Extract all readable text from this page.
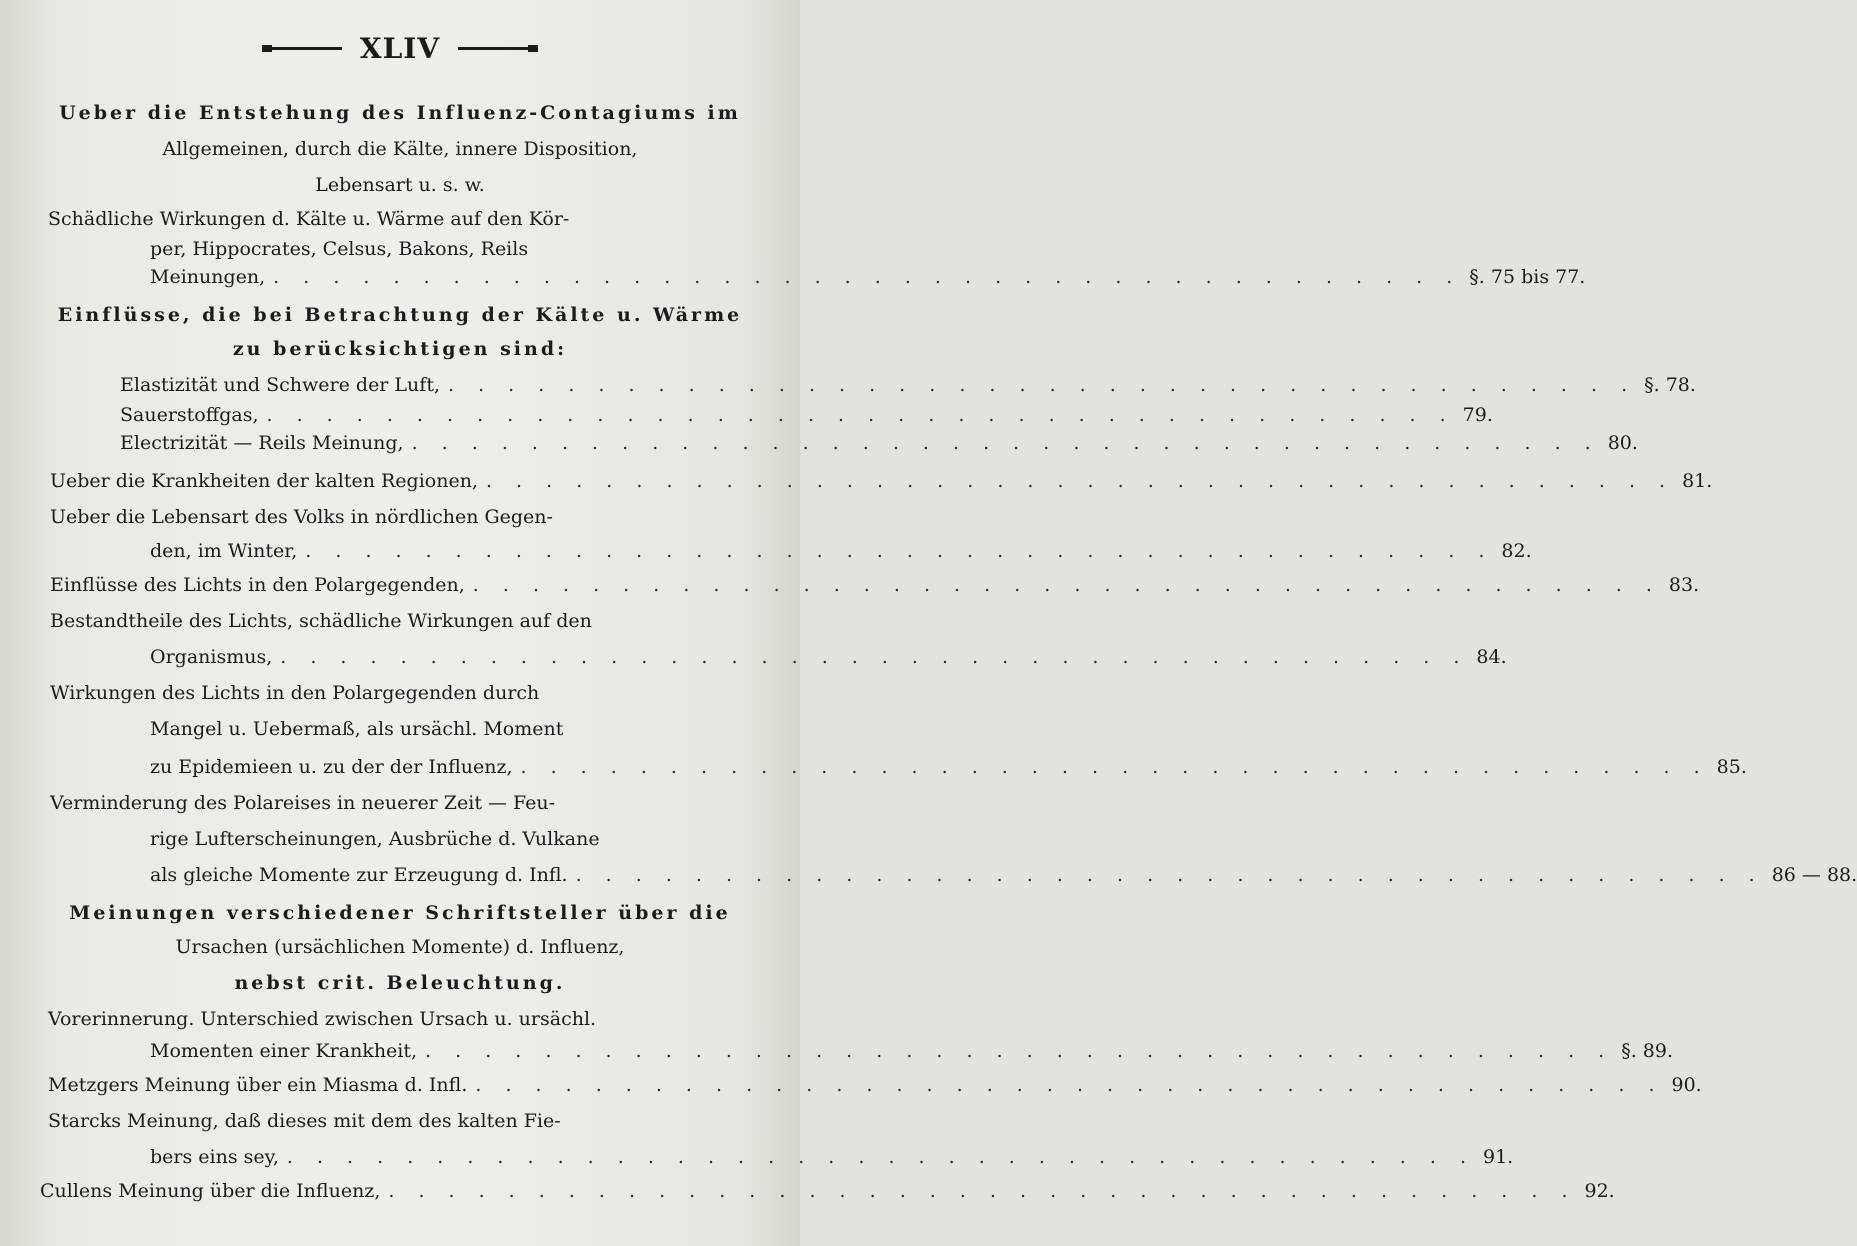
XLIV
Ueber die Entstehung des Influenz-Contagiums im
Allgemeinen, durch die Kälte, innere Disposition,
Lebensart u. s. w.
Schädliche Wirkungen d. Kälte u. Wärme auf den Kör-
per, Hippocrates, Celsus, Bakons, Reils
Meinungen, . . . . . . . . . . . . . . . . . . . . . . . . . . . . . . . . . . . . . . . . §. 75 bis 77.
Einflüsse, die bei Betrachtung der Kälte u. Wärme
zu berücksichtigen sind:
Elastizität und Schwere der Luft, . . . . . . . . . . . . . . . . . . . . . . . . . . . . . . . . . . . . . . . . §. 78.
Sauerstoffgas, . . . . . . . . . . . . . . . . . . . . . . . . . . . . . . . . . . . . . . . . 79.
Electrizität — Reils Meinung, . . . . . . . . . . . . . . . . . . . . . . . . . . . . . . . . . . . . . . . . 80.
Ueber die Krankheiten der kalten Regionen, . . . . . . . . . . . . . . . . . . . . . . . . . . . . . . . . . . . . . . . . 81.
Ueber die Lebensart des Volks in nördlichen Gegen-
den, im Winter, . . . . . . . . . . . . . . . . . . . . . . . . . . . . . . . . . . . . . . . . 82.
Einflüsse des Lichts in den Polargegenden, . . . . . . . . . . . . . . . . . . . . . . . . . . . . . . . . . . . . . . . . 83.
Bestandtheile des Lichts, schädliche Wirkungen auf den
Organismus, . . . . . . . . . . . . . . . . . . . . . . . . . . . . . . . . . . . . . . . . 84.
Wirkungen des Lichts in den Polargegenden durch
Mangel u. Uebermaß, als ursächl. Moment
zu Epidemieen u. zu der der Influenz, . . . . . . . . . . . . . . . . . . . . . . . . . . . . . . . . . . . . . . . . 85.
Verminderung des Polareises in neuerer Zeit — Feu-
rige Lufterscheinungen, Ausbrüche d. Vulkane
als gleiche Momente zur Erzeugung d. Infl. . . . . . . . . . . . . . . . . . . . . . . . . . . . . . . . . . . . . . . . . 86 — 88.
Meinungen verschiedener Schriftsteller über die
Ursachen (ursächlichen Momente) d. Influenz,
nebst crit. Beleuchtung.
Vorerinnerung. Unterschied zwischen Ursach u. ursächl.
Momenten einer Krankheit, . . . . . . . . . . . . . . . . . . . . . . . . . . . . . . . . . . . . . . . . §. 89.
Metzgers Meinung über ein Miasma d. Infl. . . . . . . . . . . . . . . . . . . . . . . . . . . . . . . . . . . . . . . . . 90.
Starcks Meinung, daß dieses mit dem des kalten Fie-
bers eins sey, . . . . . . . . . . . . . . . . . . . . . . . . . . . . . . . . . . . . . . . . 91.
Cullens Meinung über die Influenz, . . . . . . . . . . . . . . . . . . . . . . . . . . . . . . . . . . . . . . . . 92.
